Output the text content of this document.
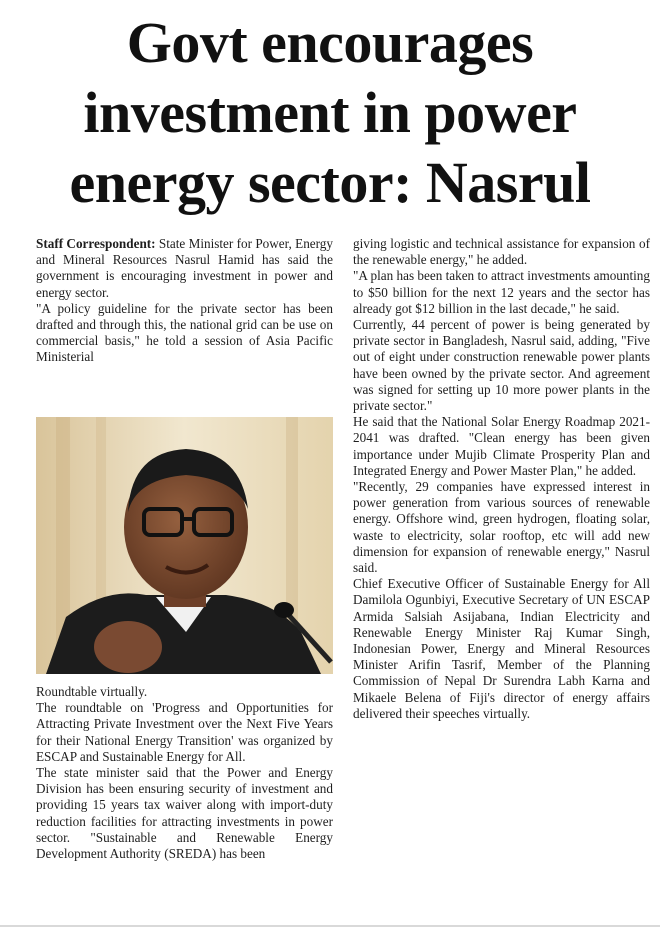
Govt encourages
investment in power
energy sector: Nasrul

Staff Correspondent: State Minister for Power, Energy and Mineral Resources Nasrul Hamid has said the government is encouraging investment in power and energy sector.

"A policy guideline for the private sector has been drafted and through this, the national grid can be use on commercial basis," he told a session of Asia Pacific Ministerial

Roundtable virtually.

The roundtable on 'Progress and Opportunities for Attracting Private Investment over the Next Five Years for their National Energy Transition' was organized by ESCAP and Sustainable Energy for All.

The state minister said that the Power and Energy Division has been ensuring security of investment and providing 15 years tax waiver along with import-duty reduction facilities for attracting investments in power sector. "Sustainable and Renewable Energy Development Authority (SREDA) has been

giving logistic and technical assistance for expansion of the renewable energy," he added.

"A plan has been taken to attract investments amounting to $50 billion for the next 12 years and the sector has already got $12 billion in the last decade," he said.

Currently, 44 percent of power is being generated by private sector in Bangladesh, Nasrul said, adding, "Five out of eight under construction renewable power plants have been owned by the private sector. And agreement was signed for setting up 10 more power plants in the private sector."

He said that the National Solar Energy Roadmap 2021-2041 was drafted. "Clean energy has been given importance under Mujib Climate Prosperity Plan and Integrated Energy and Power Master Plan," he added.

"Recently, 29 companies have expressed interest in power generation from various sources of renewable energy. Offshore wind, green hydrogen, floating solar, waste to electricity, solar rooftop, etc will add new dimension for expansion of renewable energy," Nasrul said.

Chief Executive Officer of Sustainable Energy for All Damilola Ogunbiyi, Executive Secretary of UN ESCAP Armida Salsiah Asijabana, Indian Electricity and Renewable Energy Minister Raj Kumar Singh, Indonesian Power, Energy and Mineral Resources Minister Arifin Tasrif, Member of the Planning Commission of Nepal Dr Surendra Labh Karna and Mikaele Belena of Fiji's director of energy affairs delivered their speeches virtually.
